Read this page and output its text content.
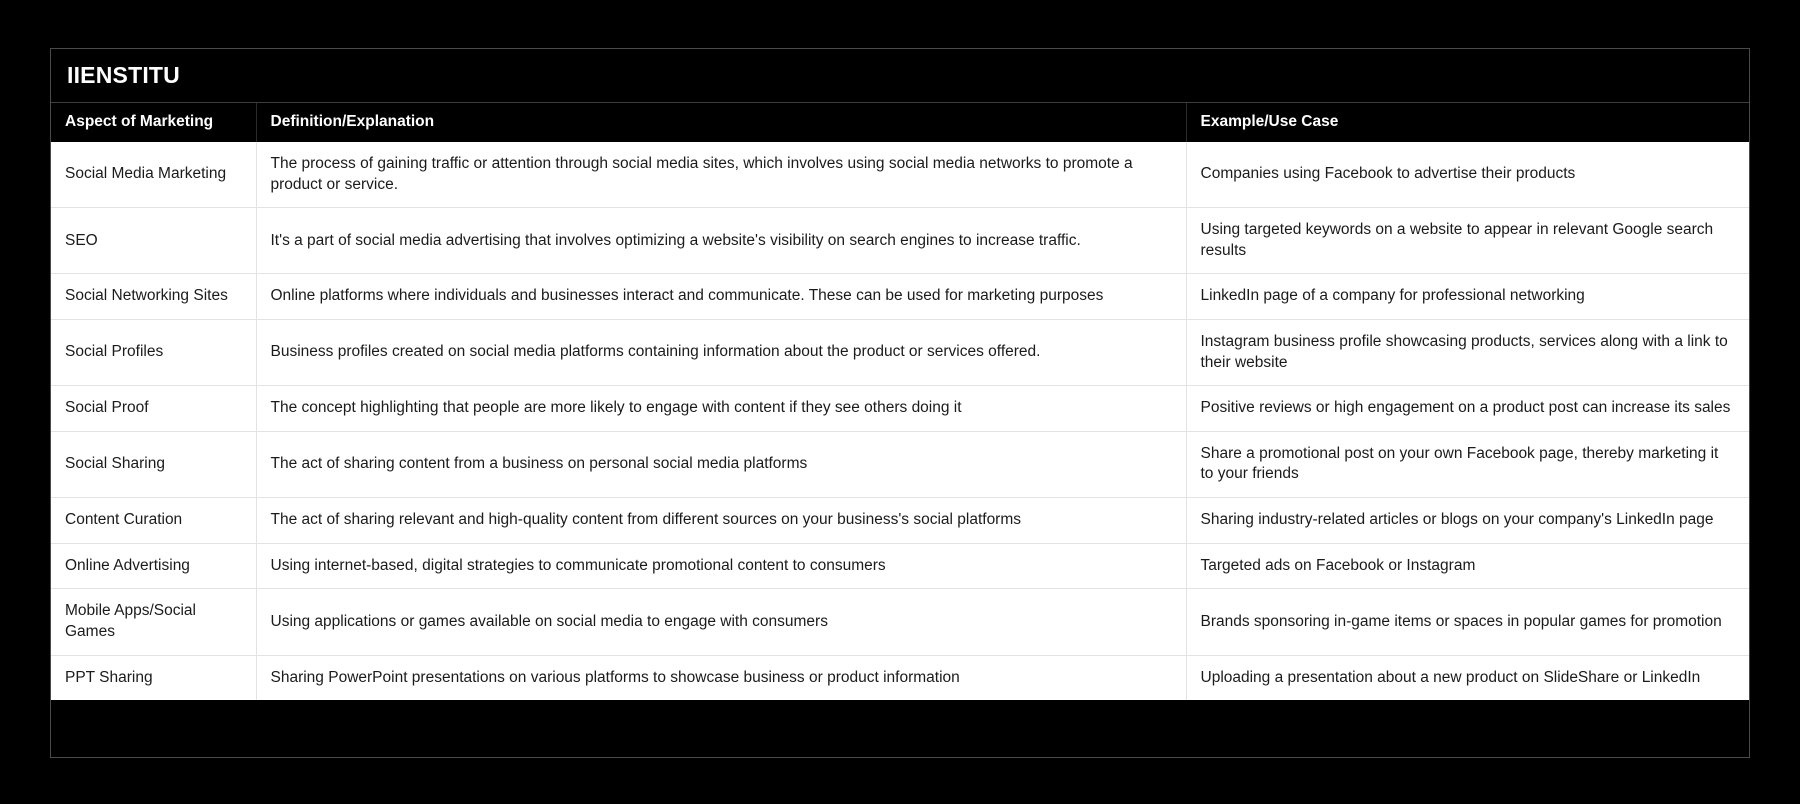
IIENSTITU
Aspect of Marketing	Definition/Explanation	Example/Use Case
Social Media Marketing	The process of gaining traffic or attention through social media sites, which involves using social media networks to promote a product or service.	Companies using Facebook to advertise their products
SEO	It's a part of social media advertising that involves optimizing a website's visibility on search engines to increase traffic.	Using targeted keywords on a website to appear in relevant Google search results
Social Networking Sites	Online platforms where individuals and businesses interact and communicate. These can be used for marketing purposes	LinkedIn page of a company for professional networking
Social Profiles	Business profiles created on social media platforms containing information about the product or services offered.	Instagram business profile showcasing products, services along with a link to their website
Social Proof	The concept highlighting that people are more likely to engage with content if they see others doing it	Positive reviews or high engagement on a product post can increase its sales
Social Sharing	The act of sharing content from a business on personal social media platforms	Share a promotional post on your own Facebook page, thereby marketing it to your friends
Content Curation	The act of sharing relevant and high-quality content from different sources on your business's social platforms	Sharing industry-related articles or blogs on your company's LinkedIn page
Online Advertising	Using internet-based, digital strategies to communicate promotional content to consumers	Targeted ads on Facebook or Instagram
Mobile Apps/Social Games	Using applications or games available on social media to engage with consumers	Brands sponsoring in-game items or spaces in popular games for promotion
PPT Sharing	Sharing PowerPoint presentations on various platforms to showcase business or product information	Uploading a presentation about a new product on SlideShare or LinkedIn
